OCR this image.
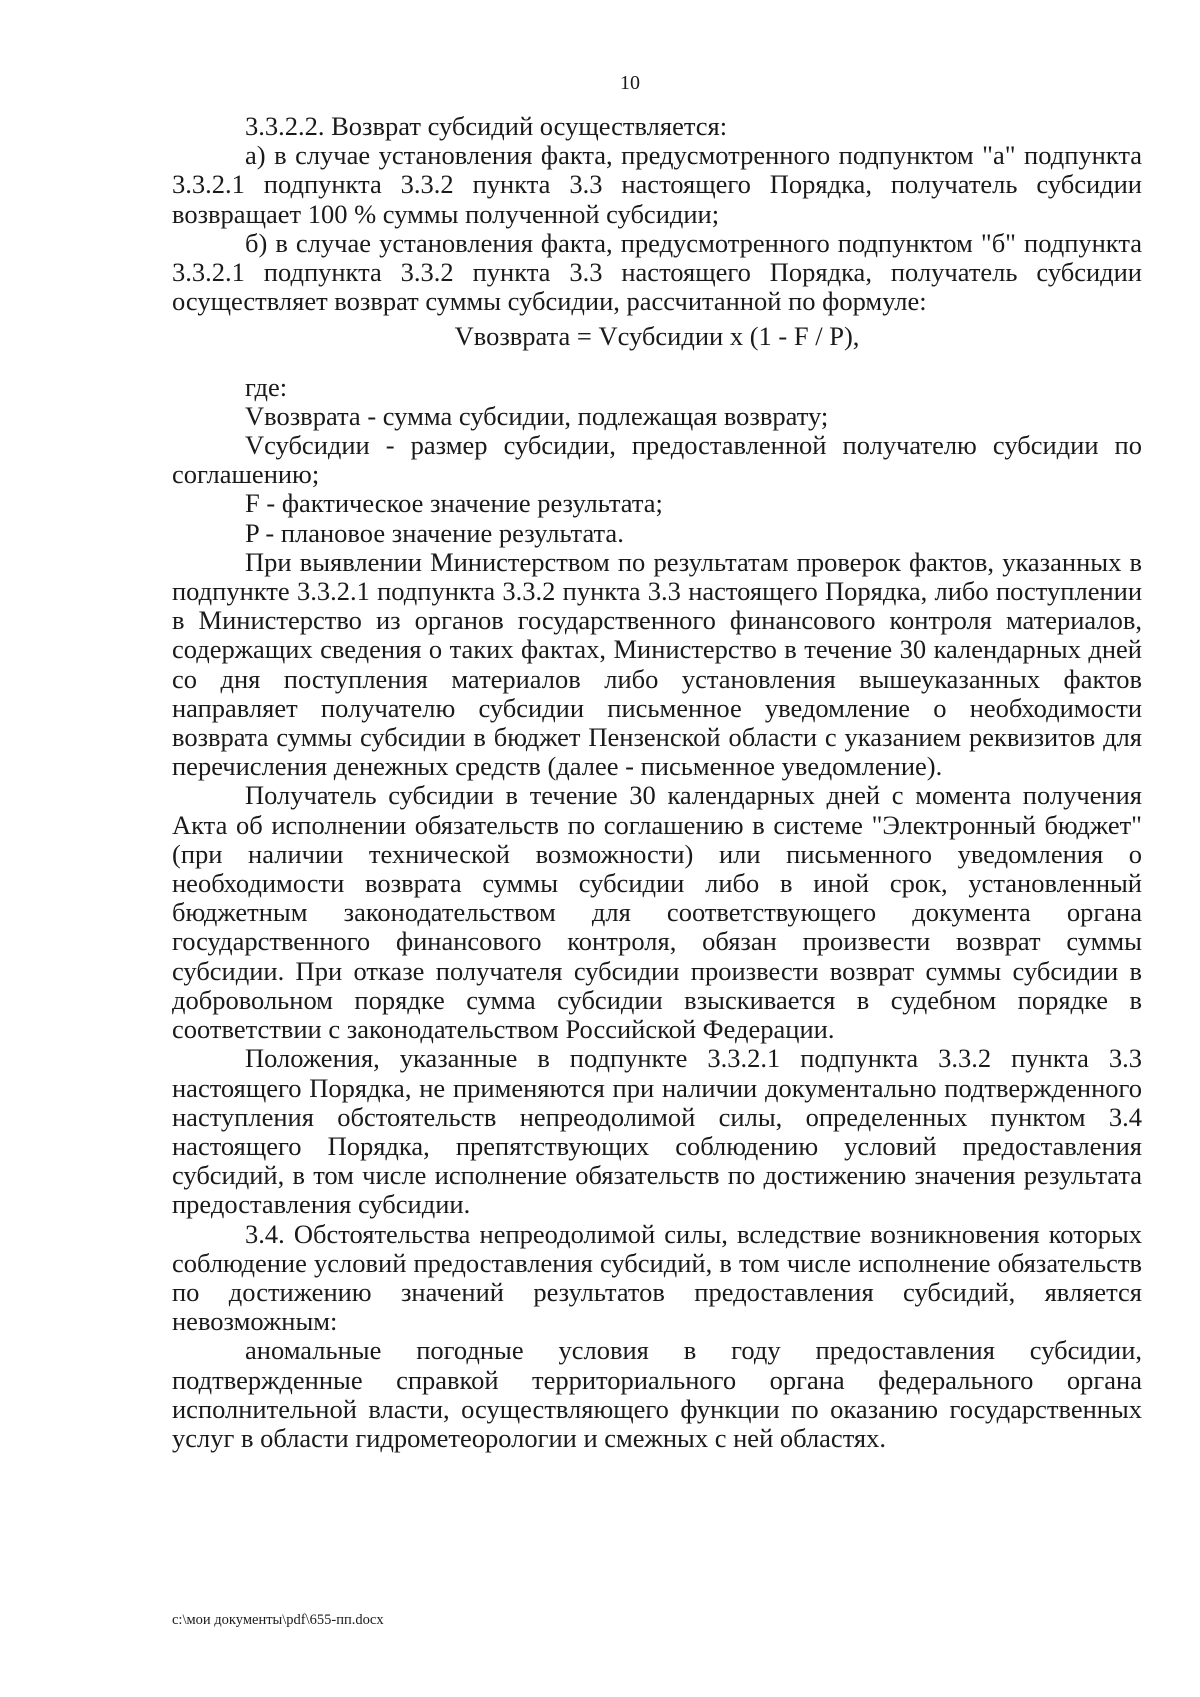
10

3.3.2.2. Возврат субсидий осуществляется:

а) в случае установления факта, предусмотренного подпунктом "а" подпункта 3.3.2.1 подпункта 3.3.2 пункта 3.3 настоящего Порядка, получатель субсидии возвращает 100 % суммы полученной субсидии;

б) в случае установления факта, предусмотренного подпунктом "б" подпункта 3.3.2.1 подпункта 3.3.2 пункта 3.3 настоящего Порядка, получатель субсидии осуществляет возврат суммы субсидии, рассчитанной по формуле:

Vвозврата = Vсубсидии x (1 - F / P),

где:

Vвозврата - сумма субсидии, подлежащая возврату;

Vсубсидии - размер субсидии, предоставленной получателю субсидии по соглашению;

F - фактическое значение результата;

P - плановое значение результата.

При выявлении Министерством по результатам проверок фактов, указанных в подпункте 3.3.2.1 подпункта 3.3.2 пункта 3.3 настоящего Порядка, либо поступлении в Министерство из органов государственного финансового контроля материалов, содержащих сведения о таких фактах, Министерство в течение 30 календарных дней со дня поступления материалов либо установления вышеуказанных фактов направляет получателю субсидии письменное уведомление о необходимости возврата суммы субсидии в бюджет Пензенской области с указанием реквизитов для перечисления денежных средств (далее - письменное уведомление).

Получатель субсидии в течение 30 календарных дней с момента получения Акта об исполнении обязательств по соглашению в системе "Электронный бюджет" (при наличии технической возможности) или письменного уведомления о необходимости возврата суммы субсидии либо в иной срок, установленный бюджетным законодательством для соответствующего документа органа государственного финансового контроля, обязан произвести возврат суммы субсидии. При отказе получателя субсидии произвести возврат суммы субсидии в добровольном порядке сумма субсидии взыскивается в судебном порядке в соответствии с законодательством Российской Федерации.

Положения, указанные в подпункте 3.3.2.1 подпункта 3.3.2 пункта 3.3 настоящего Порядка, не применяются при наличии документально подтвержденного наступления обстоятельств непреодолимой силы, определенных пунктом 3.4 настоящего Порядка, препятствующих соблюдению условий предоставления субсидий, в том числе исполнение обязательств по достижению значения результата предоставления субсидии.

3.4. Обстоятельства непреодолимой силы, вследствие возникновения которых соблюдение условий предоставления субсидий, в том числе исполнение обязательств по достижению значений результатов предоставления субсидий, является невозможным:

аномальные погодные условия в году предоставления субсидии, подтвержденные справкой территориального органа федерального органа исполнительной власти, осуществляющего функции по оказанию государственных услуг в области гидрометеорологии и смежных с ней областях.

c:\мои документы\pdf\655-пп.docx
